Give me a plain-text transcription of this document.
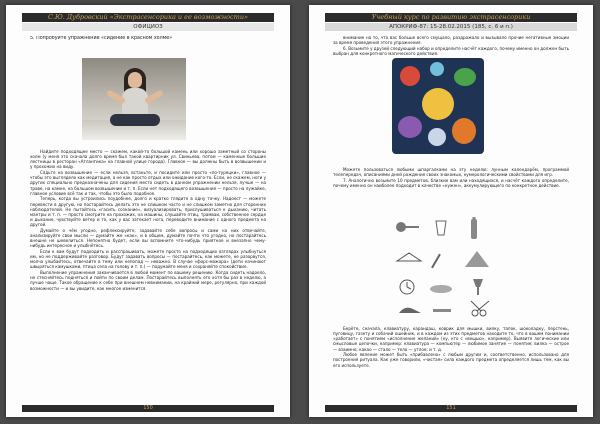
С.Ю. Дубровский «Экстрасенсорика и ее возможности»
ОФИЦИОЗ
5. Попробуйте упражнение «сидение в красном холме»

Найдите подходящее место — скажем, какой-то большой камень или хорошо заметный со стороны холм (у меня это скачала долго время был такой квартирник ул. Свиньева, потом — каменные большие лестницы в ресторан «Атлантика» на главной улице города). Главное — вы должны быть в возвышении и у прохожих на виду.

Сядьте на возвышение — если нельзя, встаньте, и посидите или просто «по-турецки», главное — чтобы это выглядело как медитация, а не как просто отдых или ожидание кого-то. Если, не скажем, ноги у других специально предназначены для сидения место сидеть в данном упражнении нельзя, лучше — на траве, на камне, на большом возвышении и т. п. Если нет подходящего возвышения — просто на лужайке, главное условие всё так и так, чтобы это было подобное.

Теперь, когда вы устроились поудобнее, долго и кратко глядите в одну точку. Надоест — можете перевести в другую, но постарайтесь делать это не слишком часто и не слишком заметно для сторонних наблюдателей. Не пытайтесь «гасить сознание», визуализировать, прислушиваться к дыханию, читать мантры и т. п. — просто смотрите на прохожих, на машины, слушайте птиц, трамваи, собственное сердце и дыхание, чувствуйте ветер и то, как у вас затекает нога, переводите внимание с одного предмета на другой.

Думайте о чём угодно, рефлексируйте, задавайте себе вопросы и сами на них отвечайте, анализируйте свои мысли — думайте же «как», и в общем, думайте почти что угодно, но постарайтесь внешне не шевелиться. Непонятно будет, если вы вспомните что-нибудь приятное и внезапно чему-нибудь интересное и улыбнётесь.

Если к вам будут подходить и расспрашивать, можете просто на подходящих взглядах улыбнуться им, но не поддерживайте разговор. Будут задавать вопросы — постарайтесь, как можете, не разорвутся, молча улыбайтесь, отвечайте в тему или непопад — неважно. В случае «форс-мажора» (дети начинают швыряться камушками, птица села на голову и т. п.) — подумайте меня и сохраняйте спокойствие.

Выполнение упражнения заканчивается в любой момент по вашему решению. Когда сидеть надоело, не стесняйтесь подняться и пойти по своим делам. Постарайтесь выполнять его хотя бы раз в неделю, а лучше чаще. Такое обращение к себе при внешнем невнимании, на крайний мере, регулярно, при каждой возможности — и вы увидите, как многое изменится.

150
Учебный курс по развитию экстрасенсорики
АПОКРИФ-87: 15-28.02.2015 (185, с. 6 и п.)

внимание на то, что вас больше всего смущало, раздражало и вызывало прочие негативные эмоции за время проведения этого упражнения.

6. Возьмите у друзей следующий набор и определите насчёт каждого, почему именно он должен быть выбран для конкретного магического действия.

Можете пользоваться любыми шпаргалками на эту неделю: лунным календарём, программой телепередач, описаниями дней рождения своих знакомых, нумерологическими свойствами для игр.

7. Аналогично возьмите 10 предметов, близкие вам или находящихся, и насчёт каждого определите, почему именно он наиболее подходит в качестве «нужен», аккумулирующего по конкретное действие.

Берёте, сначала, клавиатуру, карандаш, коврик для мышки, вилку, тапок, шоколадку, перстень, пуговицу, газету и собачий ошейник, и в каждом из этих предметов находите то, что в вашем понимании «работает» с понятием «исполнение желаний» (ну, кто с «вещью», например). Выявите логические или смысловые цепочки, например: клавиатура — компьютер — любимое занятие — понятие; вилка — острое — взаимно; какао — стало — тело — утлое; и т. д.

Любое явление может быть «прибавлено» с любым другим и, соответственно, использовано для построения ритуала. Как уже говорили, «чистая» сила каждого предмета определяется лишь тем, как вы его используете.

151
